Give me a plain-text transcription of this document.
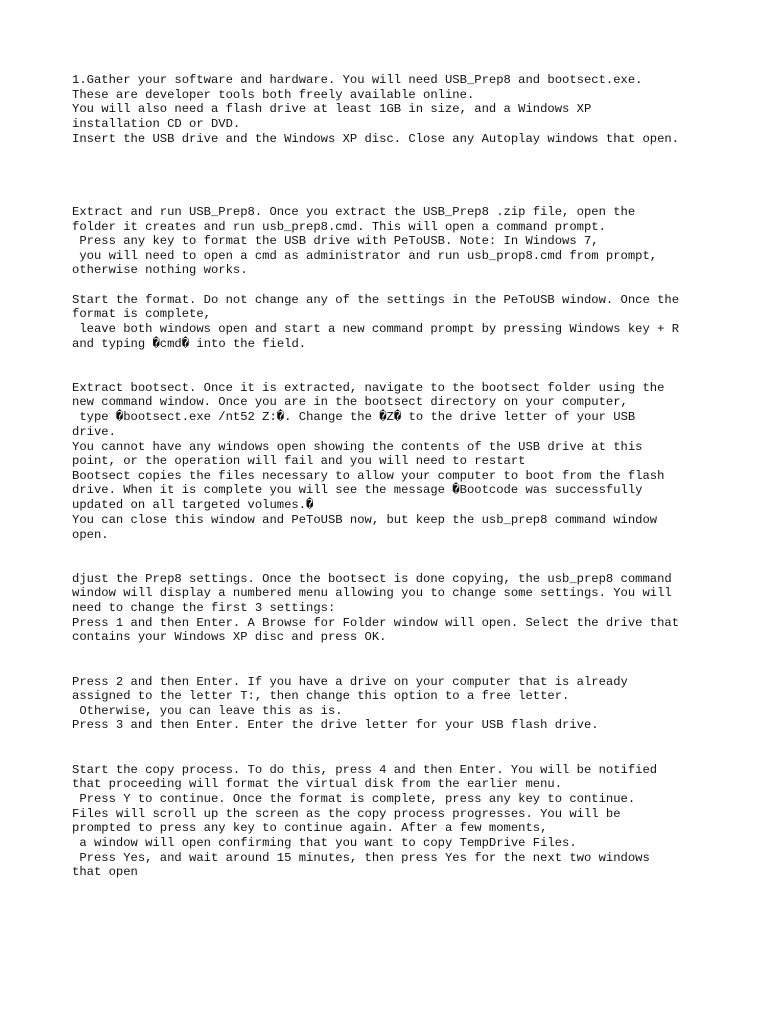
1.Gather your software and hardware. You will need USB_Prep8 and bootsect.exe.
These are developer tools both freely available online.
You will also need a flash drive at least 1GB in size, and a Windows XP
installation CD or DVD.
Insert the USB drive and the Windows XP disc. Close any Autoplay windows that open.
Extract and run USB_Prep8. Once you extract the USB_Prep8 .zip file, open the
folder it creates and run usb_prep8.cmd. This will open a command prompt.
Press any key to format the USB drive with PeToUSB. Note: In Windows 7,
you will need to open a cmd as administrator and run usb_prop8.cmd from prompt,
otherwise nothing works.
Start the format. Do not change any of the settings in the PeToUSB window. Once the
format is complete,
leave both windows open and start a new command prompt by pressing Windows key + R
and typing �cmd� into the field.
Extract bootsect. Once it is extracted, navigate to the bootsect folder using the
new command window. Once you are in the bootsect directory on your computer,
type �bootsect.exe /nt52 Z:�. Change the �Z� to the drive letter of your USB
drive.
You cannot have any windows open showing the contents of the USB drive at this
point, or the operation will fail and you will need to restart
Bootsect copies the files necessary to allow your computer to boot from the flash
drive. When it is complete you will see the message �Bootcode was successfully
updated on all targeted volumes.�
You can close this window and PeToUSB now, but keep the usb_prep8 command window
open.
djust the Prep8 settings. Once the bootsect is done copying, the usb_prep8 command
window will display a numbered menu allowing you to change some settings. You will
need to change the first 3 settings:
Press 1 and then Enter. A Browse for Folder window will open. Select the drive that
contains your Windows XP disc and press OK.
Press 2 and then Enter. If you have a drive on your computer that is already
assigned to the letter T:, then change this option to a free letter.
Otherwise, you can leave this as is.
Press 3 and then Enter. Enter the drive letter for your USB flash drive.
Start the copy process. To do this, press 4 and then Enter. You will be notified
that proceeding will format the virtual disk from the earlier menu.
Press Y to continue. Once the format is complete, press any key to continue.
Files will scroll up the screen as the copy process progresses. You will be
prompted to press any key to continue again. After a few moments,
a window will open confirming that you want to copy TempDrive Files.
Press Yes, and wait around 15 minutes, then press Yes for the next two windows
that open
